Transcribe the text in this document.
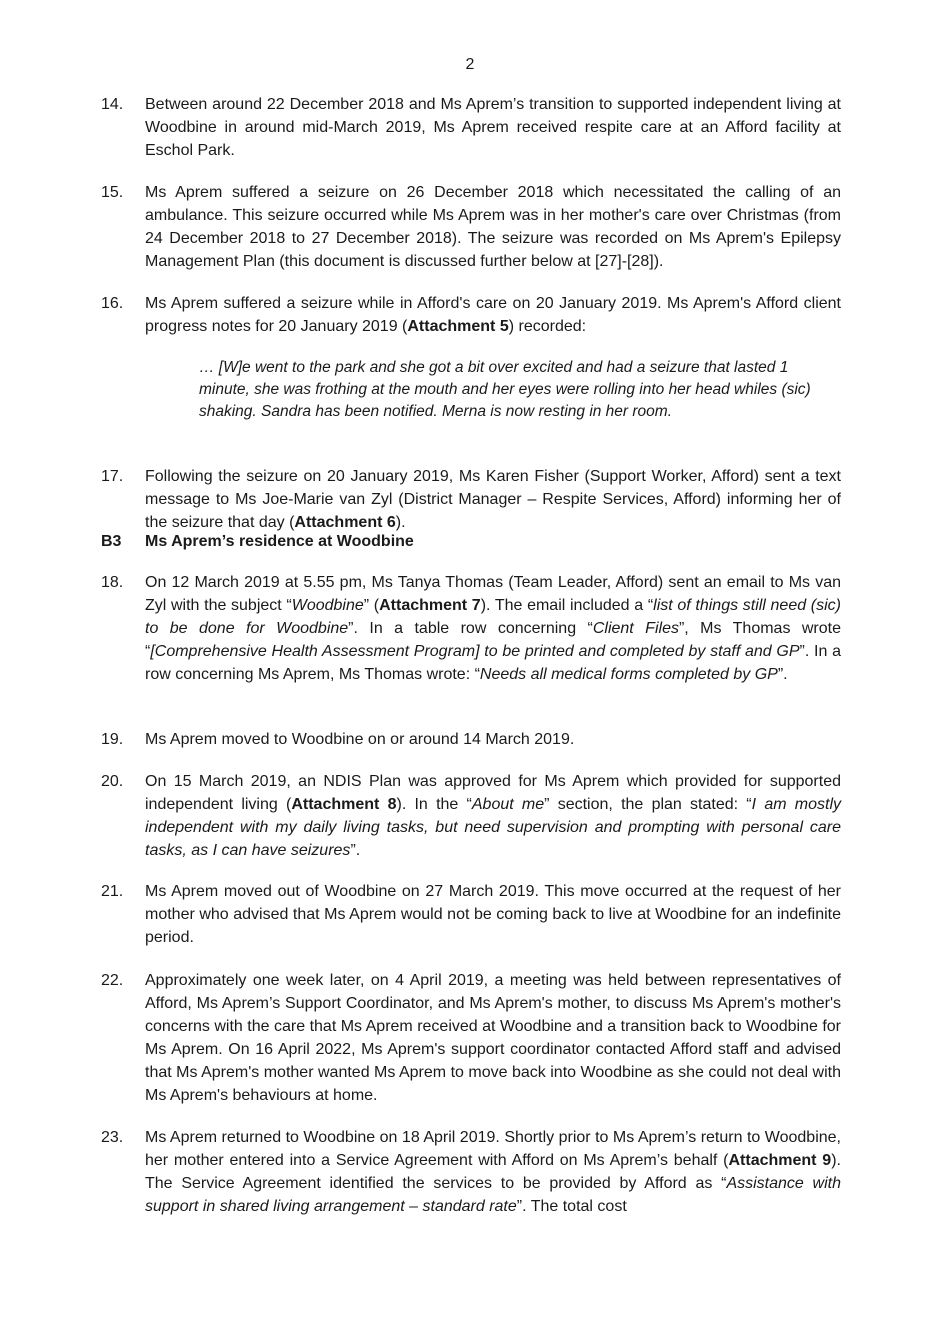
2
14.	Between around 22 December 2018 and Ms Aprem’s transition to supported independent living at Woodbine in around mid-March 2019, Ms Aprem received respite care at an Afford facility at Eschol Park.
15.	Ms Aprem suffered a seizure on 26 December 2018 which necessitated the calling of an ambulance. This seizure occurred while Ms Aprem was in her mother's care over Christmas (from 24 December 2018 to 27 December 2018). The seizure was recorded on Ms Aprem's Epilepsy Management Plan (this document is discussed further below at [27]-[28]).
16.	Ms Aprem suffered a seizure while in Afford's care on 20 January 2019. Ms Aprem's Afford client progress notes for 20 January 2019 (Attachment 5) recorded:
… [W]e went to the park and she got a bit over excited and had a seizure that lasted 1 minute, she was frothing at the mouth and her eyes were rolling into her head whiles (sic) shaking. Sandra has been notified. Merna is now resting in her room.
17.	Following the seizure on 20 January 2019, Ms Karen Fisher (Support Worker, Afford) sent a text message to Ms Joe-Marie van Zyl (District Manager – Respite Services, Afford) informing her of the seizure that day (Attachment 6).
B3 Ms Aprem’s residence at Woodbine
18.	On 12 March 2019 at 5.55 pm, Ms Tanya Thomas (Team Leader, Afford) sent an email to Ms van Zyl with the subject “Woodbine” (Attachment 7). The email included a “list of things still need (sic) to be done for Woodbine”. In a table row concerning “Client Files”, Ms Thomas wrote “[Comprehensive Health Assessment Program] to be printed and completed by staff and GP”. In a row concerning Ms Aprem, Ms Thomas wrote: “Needs all medical forms completed by GP”.
19.	Ms Aprem moved to Woodbine on or around 14 March 2019.
20.	On 15 March 2019, an NDIS Plan was approved for Ms Aprem which provided for supported independent living (Attachment 8). In the “About me” section, the plan stated: “I am mostly independent with my daily living tasks, but need supervision and prompting with personal care tasks, as I can have seizures”.
21.	Ms Aprem moved out of Woodbine on 27 March 2019. This move occurred at the request of her mother who advised that Ms Aprem would not be coming back to live at Woodbine for an indefinite period.
22.	Approximately one week later, on 4 April 2019, a meeting was held between representatives of Afford, Ms Aprem’s Support Coordinator, and Ms Aprem's mother, to discuss Ms Aprem's mother's concerns with the care that Ms Aprem received at Woodbine and a transition back to Woodbine for Ms Aprem. On 16 April 2022, Ms Aprem's support coordinator contacted Afford staff and advised that Ms Aprem's mother wanted Ms Aprem to move back into Woodbine as she could not deal with Ms Aprem's behaviours at home.
23.	Ms Aprem returned to Woodbine on 18 April 2019. Shortly prior to Ms Aprem’s return to Woodbine, her mother entered into a Service Agreement with Afford on Ms Aprem’s behalf (Attachment 9). The Service Agreement identified the services to be provided by Afford as “Assistance with support in shared living arrangement – standard rate”. The total cost
